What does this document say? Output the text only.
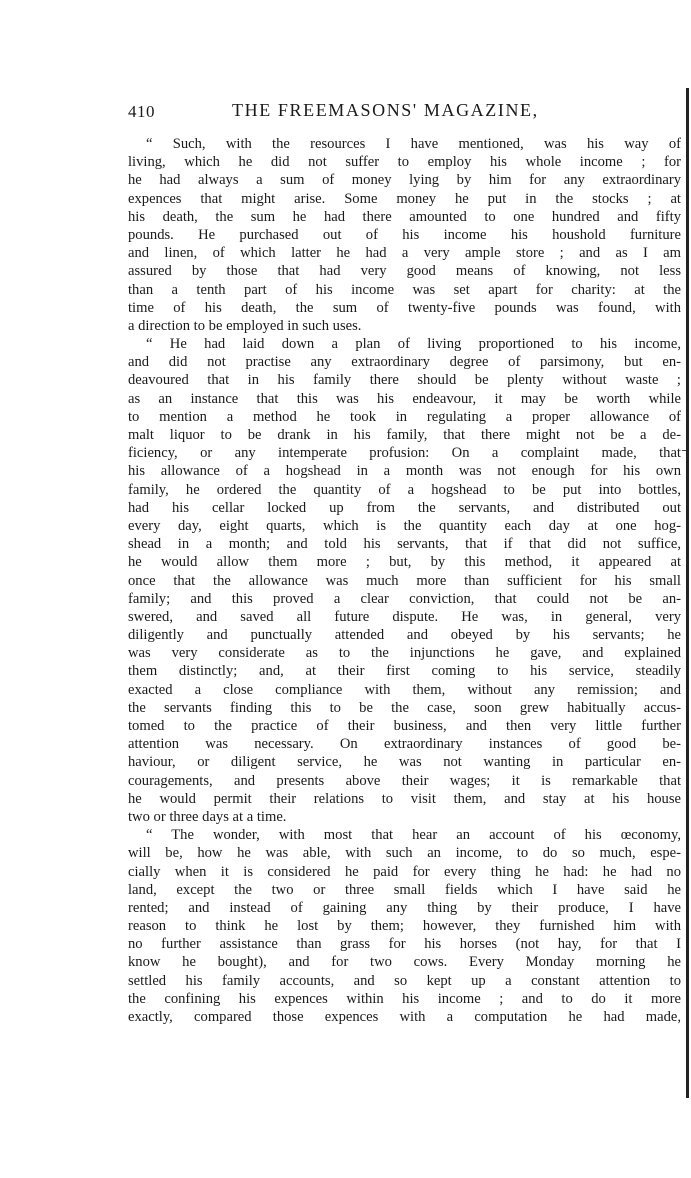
410	THE FREEMASONS' MAGAZINE,
“ Such, with the resources I have mentioned, was his way of
living, which he did not suffer to employ his whole income ; for
he had always a sum of money lying by him for any extraordinary
expences that might arise. Some money he put in the stocks ; at
his death, the sum he had there amounted to one hundred and fifty
pounds. He purchased out of his income his houshold furniture
and linen, of which latter he had a very ample store ; and as I am
assured by those that had very good means of knowing, not less
than a tenth part of his income was set apart for charity: at the
time of his death, the sum of twenty-five pounds was found, with
a direction to be employed in such uses.
“ He had laid down a plan of living proportioned to his income,
and did not practise any extraordinary degree of parsimony, but en-
deavoured that in his family there should be plenty without waste ;
as an instance that this was his endeavour, it may be worth while
to mention a method he took in regulating a proper allowance of
malt liquor to be drank in his family, that there might not be a de-
ficiency, or any intemperate profusion: On a complaint made, that
his allowance of a hogshead in a month was not enough for his own
family, he ordered the quantity of a hogshead to be put into bottles,
had his cellar locked up from the servants, and distributed out
every day, eight quarts, which is the quantity each day at one hog-
shead in a month; and told his servants, that if that did not suffice,
he would allow them more ; but, by this method, it appeared at
once that the allowance was much more than sufficient for his small
family; and this proved a clear conviction, that could not be an-
swered, and saved all future dispute. He was, in general, very
diligently and punctually attended and obeyed by his servants; he
was very considerate as to the injunctions he gave, and explained
them distinctly; and, at their first coming to his service, steadily
exacted a close compliance with them, without any remission; and
the servants finding this to be the case, soon grew habitually accus-
tomed to the practice of their business, and then very little further
attention was necessary. On extraordinary instances of good be-
haviour, or diligent service, he was not wanting in particular en-
couragements, and presents above their wages; it is remarkable that
he would permit their relations to visit them, and stay at his house
two or three days at a time.
“ The wonder, with most that hear an account of his œconomy,
will be, how he was able, with such an income, to do so much, espe-
cially when it is considered he paid for every thing he had: he had no
land, except the two or three small fields which I have said he
rented; and instead of gaining any thing by their produce, I have
reason to think he lost by them; however, they furnished him with
no further assistance than grass for his horses (not hay, for that I
know he bought), and for two cows. Every Monday morning he
settled his family accounts, and so kept up a constant attention to
the confining his expences within his income ; and to do it more
exactly, compared those expences with a computation he had made,
